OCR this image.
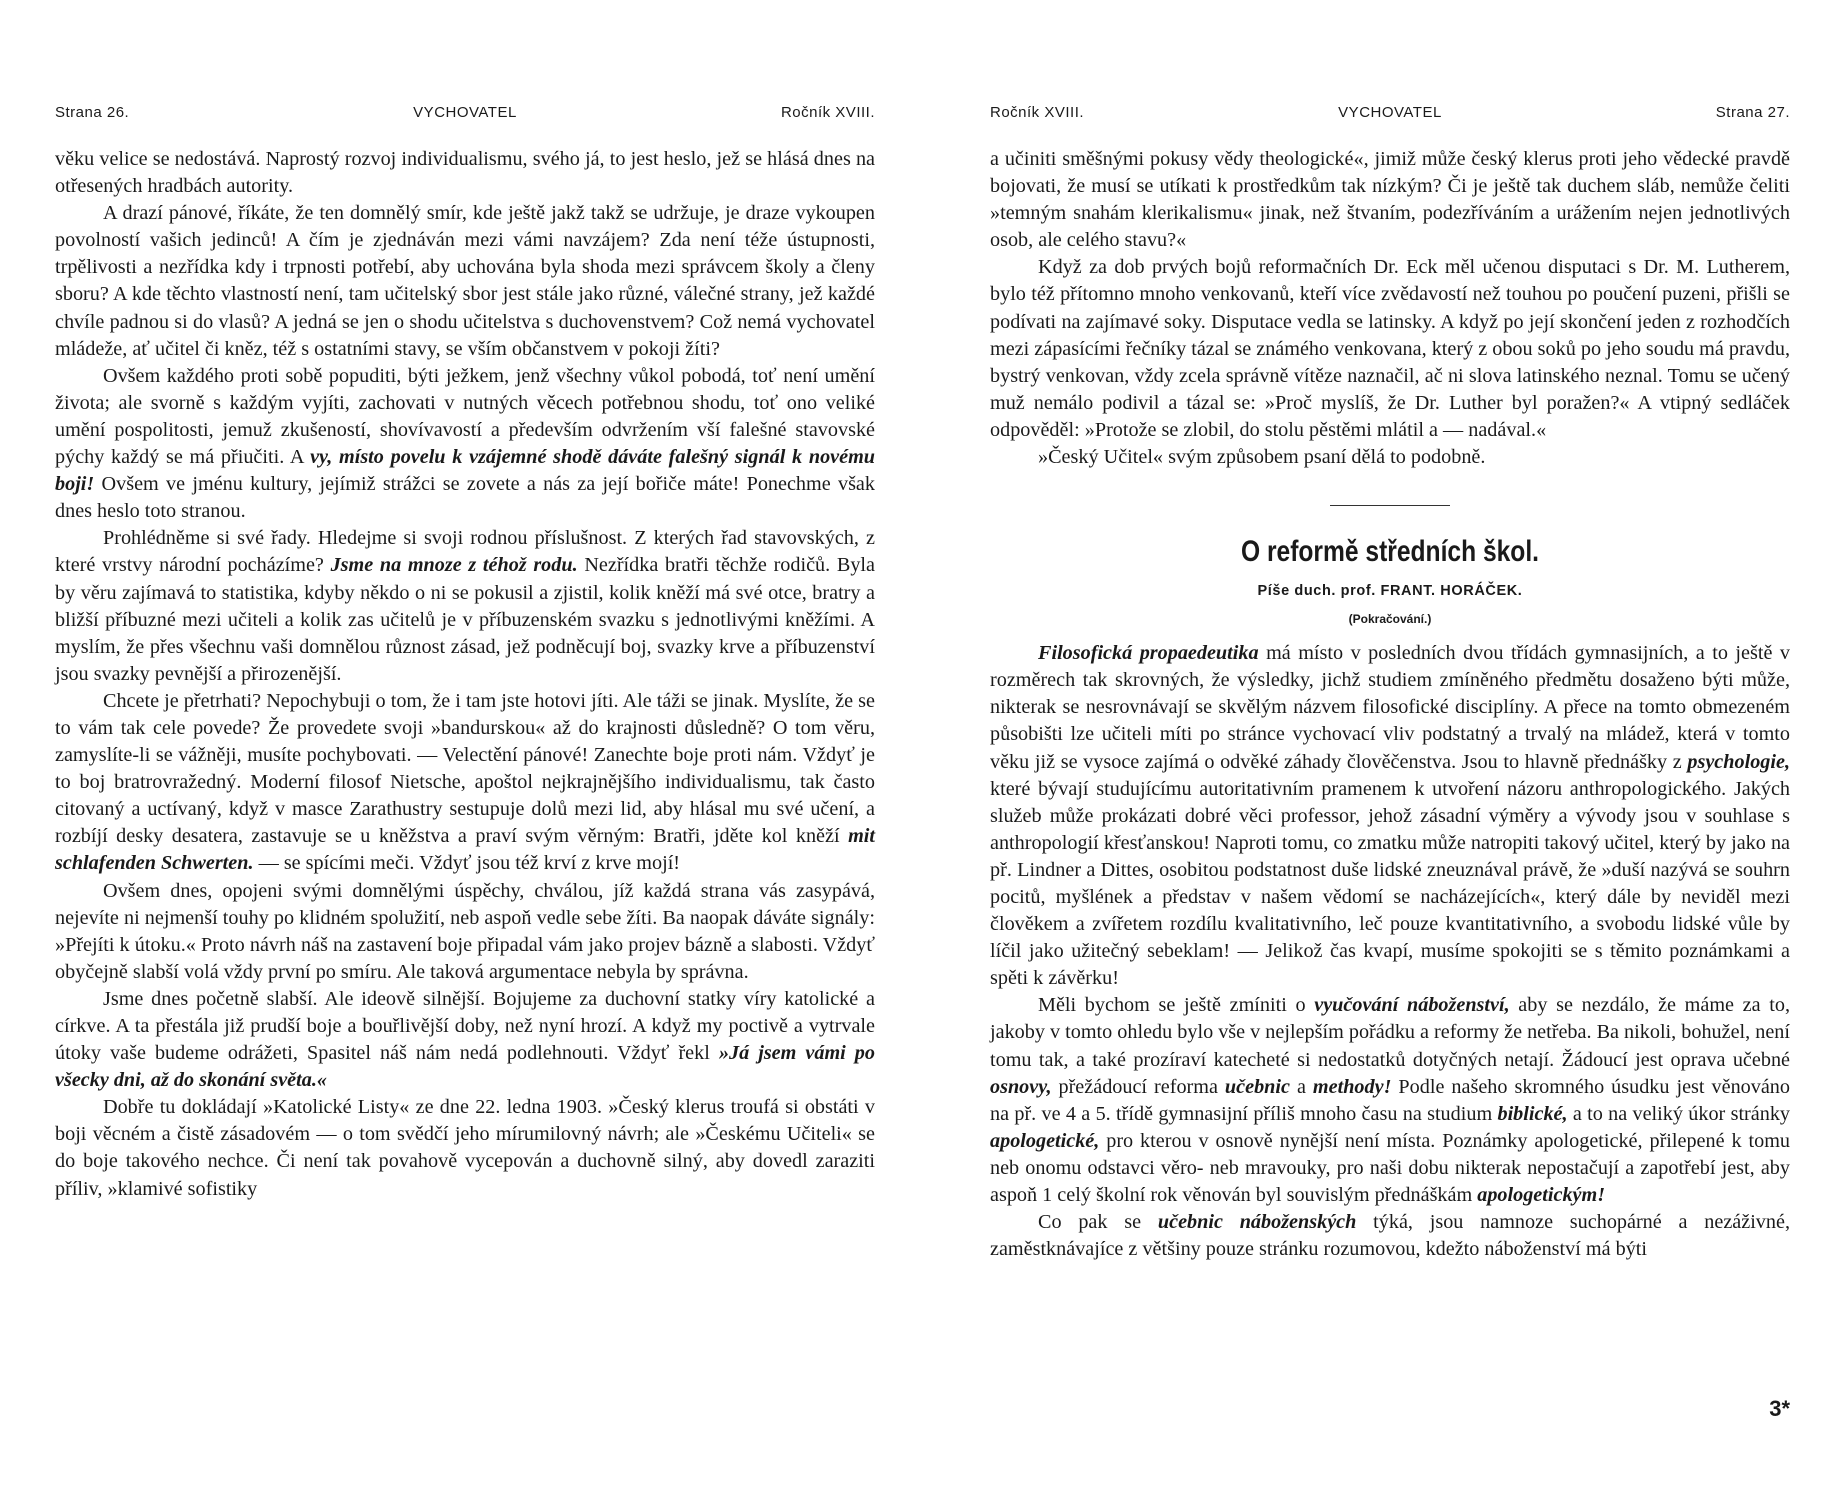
Strana 26.	VYCHOVATEL	Ročník XVIII.

věku velice se nedostává. Naprostý rozvoj individualismu, svého já, to jest heslo, jež se hlásá dnes na otřesených hradbách autority.

A drazí pánové, říkáte, že ten domnělý smír, kde ještě jakž takž se udržuje, je draze vykoupen povolností vašich jedinců! A čím je zjednáván mezi vámi navzájem? Zda není téže ústupnosti, trpělivosti a nezřídka kdy i trpnosti potřebí, aby uchována byla shoda mezi správcem školy a členy sboru? A kde těchto vlastností není, tam učitelský sbor jest stále jako různé, válečné strany, jež každé chvíle padnou si do vlasů? A jedná se jen o shodu učitelstva s duchovenstvem? Což nemá vychovatel mládeže, ať učitel či kněz, též s ostatními stavy, se vším občanstvem v pokoji žíti?

Ovšem každého proti sobě popuditi, býti ježkem, jenž všechny vůkol pobodá, toť není umění života; ale svorně s každým vyjíti, zachovati v nutných věcech potřebnou shodu, toť ono veliké umění pospolitosti, jemuž zkušeností, shovívavostí a především odvržením vší falešné stavovské pýchy každý se má přiučiti. A vy, místo povelu k vzájemné shodě dáváte falešný signál k novému boji! Ovšem ve jménu kultury, jejímiž strážci se zovete a nás za její bořiče máte! Ponechme však dnes heslo toto stranou.

Prohlédněme si své řady. Hledejme si svoji rodnou příslušnost. Z kterých řad stavovských, z které vrstvy národní pocházíme? Jsme na mnoze z téhož rodu. Nezřídka bratři těchže rodičů. Byla by věru zajímavá to statistika, kdyby někdo o ni se pokusil a zjistil, kolik kněží má své otce, bratry a bližší příbuzné mezi učiteli a kolik zas učitelů je v příbuzenském svazku s jednotlivými kněžími. A myslím, že přes všechnu vaši domnělou různost zásad, jež podněcují boj, svazky krve a příbuzenství jsou svazky pevnější a přirozenější.

Chcete je přetrhati? Nepochybuji o tom, že i tam jste hotovi jíti. Ale táži se jinak. Myslíte, že se to vám tak cele povede? Že provedete svoji »bandurskou« až do krajnosti důsledně? O tom věru, zamyslíte-li se vážněji, musíte pochybovati. — Velectění pánové! Zanechte boje proti nám. Vždyť je to boj bratrovražedný. Moderní filosof Nietsche, apoštol nejkrajnějšího individualismu, tak často citovaný a uctívaný, když v masce Zarathustry sestupuje dolů mezi lid, aby hlásal mu své učení, a rozbíjí desky desatera, zastavuje se u kněžstva a praví svým věrným: Bratři, jděte kol kněží mit schlafenden Schwerten. — se spícími meči. Vždyť jsou též krví z krve mojí!

Ovšem dnes, opojeni svými domnělými úspěchy, chválou, jíž každá strana vás zasypává, nejevíte ni nejmenší touhy po klidném spolužití, neb aspoň vedle sebe žíti. Ba naopak dáváte signály: »Přejíti k útoku.« Proto návrh náš na zastavení boje připadal vám jako projev bázně a slabosti. Vždyť obyčejně slabší volá vždy první po smíru. Ale taková argumentace nebyla by správna.

Jsme dnes početně slabší. Ale ideově silnější. Bojujeme za duchovní statky víry katolické a církve. A ta přestála již prudší boje a bouřlivější doby, než nyní hrozí. A když my poctivě a vytrvale útoky vaše budeme odrážeti, Spasitel náš nám nedá podlehnouti. Vždyť řekl »Já jsem vámi po všecky dni, až do skonání světa.«

Dobře tu dokládají »Katolické Listy« ze dne 22. ledna 1903. »Český klerus troufá si obstáti v boji věcném a čistě zásadovém — o tom svědčí jeho mírumilovný návrh; ale »Českému Učiteli« se do boje takového nechce. Či není tak povahově vycepován a duchovně silný, aby dovedl zaraziti příliv, »klamivé sofistiky

Ročník XVIII.	VYCHOVATEL	Strana 27.

a učiniti směšnými pokusy vědy theologické«, jimiž může český klerus proti jeho vědecké pravdě bojovati, že musí se utíkati k prostředkům tak nízkým? Či je ještě tak duchem sláb, nemůže čeliti »temným snahám klerikalismu« jinak, než štvaním, podezříváním a urážením nejen jednotlivých osob, ale celého stavu?«

Když za dob prvých bojů reformačních Dr. Eck měl učenou disputaci s Dr. M. Lutherem, bylo též přítomno mnoho venkovanů, kteří více zvědavostí než touhou po poučení puzeni, přišli se podívati na zajímavé soky. Disputace vedla se latinsky. A když po její skončení jeden z rozhodčích mezi zápasícími řečníky tázal se známého venkovana, který z obou soků po jeho soudu má pravdu, bystrý venkovan, vždy zcela správně vítěze naznačil, ač ni slova latinského neznal. Tomu se učený muž nemálo podivil a tázal se: »Proč myslíš, že Dr. Luther byl poražen?« A vtipný sedláček odpověděl: »Protože se zlobil, do stolu pěstěmi mlátil a — nadával.«

»Český Učitel« svým způsobem psaní dělá to podobně.

O reformě středních škol.
Píše duch. prof. FRANT. HORÁČEK.
(Pokračování.)

Filosofická propaedeutika má místo v posledních dvou třídách gymnasijních, a to ještě v rozměrech tak skrovných, že výsledky, jichž studiem zmíněného předmětu dosaženo býti může, nikterak se nesrovnávají se skvělým názvem filosofické disciplíny. A přece na tomto obmezeném působišti lze učiteli míti po stránce vychovací vliv podstatný a trvalý na mládež, která v tomto věku již se vysoce zajímá o odvěké záhady člověčenstva. Jsou to hlavně přednášky z psychologie, které bývají studujícímu autoritativním pramenem k utvoření názoru anthropologického. Jakých služeb může prokázati dobré věci professor, jehož zásadní výměry a vývody jsou v souhlase s anthropologií křesťanskou! Naproti tomu, co zmatku může natropiti takový učitel, který by jako na př. Lindner a Dittes, osobitou podstatnost duše lidské zneuznával právě, že »duší nazývá se souhrn pocitů, myšlének a představ v našem vědomí se nacházejících«, který dále by neviděl mezi člověkem a zvířetem rozdílu kvalitativního, leč pouze kvantitativního, a svobodu lidské vůle by líčil jako užitečný sebeklam! — Jelikož čas kvapí, musíme spokojiti se s těmito poznámkami a spěti k závěrku!

Měli bychom se ještě zmíniti o vyučování náboženství, aby se nezdálo, že máme za to, jakoby v tomto ohledu bylo vše v nejlepším pořádku a reformy že netřeba. Ba nikoli, bohužel, není tomu tak, a také prozíraví katecheté si nedostatků dotyčných netají. Žádoucí jest oprava učebné osnovy, přežádoucí reforma učebnic a methody! Podle našeho skromného úsudku jest věnováno na př. ve 4 a 5. třídě gymnasijní příliš mnoho času na studium biblické, a to na veliký úkor stránky apologetické, pro kterou v osnově nynější není místa. Poznámky apologetické, přilepené k tomu neb onomu odstavci věro- neb mravouky, pro naši dobu nikterak nepostačují a zapotřebí jest, aby aspoň 1 celý školní rok věnován byl souvislým přednáškám apologetickým!

Co pak se učebnic náboženských týká, jsou namnoze suchopárné a nezáživné, zaměstknávajíce z většiny pouze stránku rozumovou, kdežto náboženství má býti

3*
